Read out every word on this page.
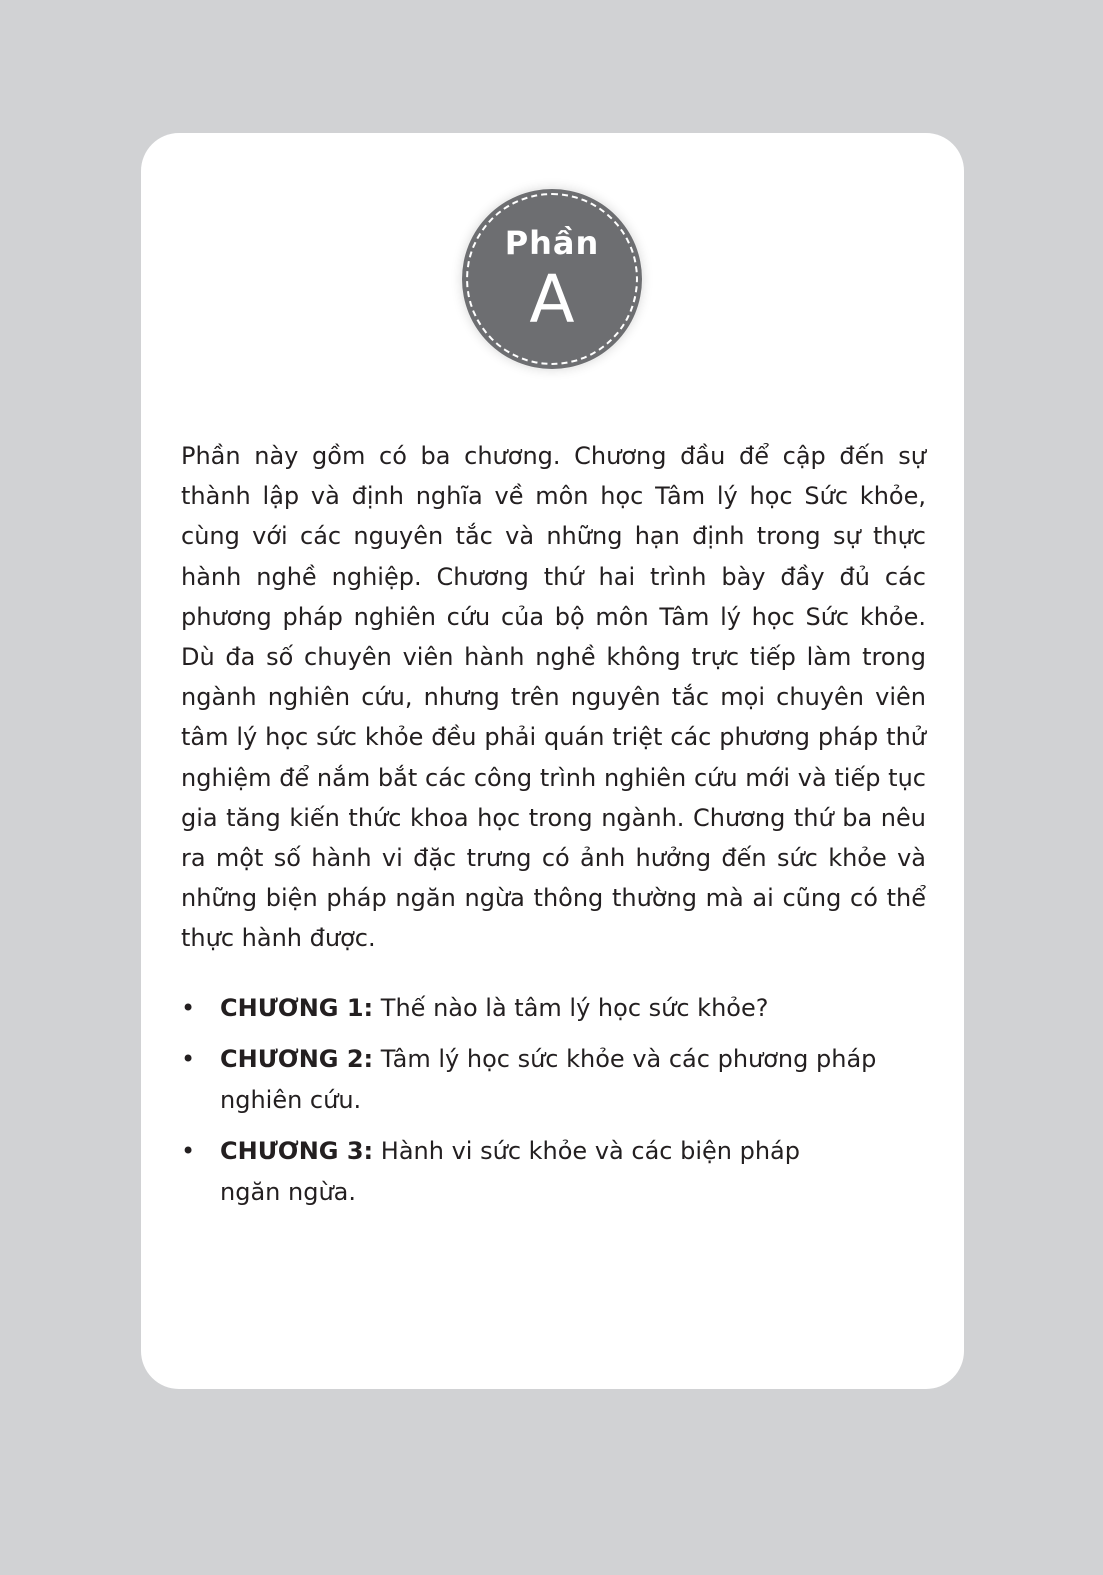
Phần
A

Phần này gồm có ba chương. Chương đầu để cập đến sự thành lập và định nghĩa về môn học Tâm lý học Sức khỏe, cùng với các nguyên tắc và những hạn định trong sự thực hành nghề nghiệp. Chương thứ hai trình bày đầy đủ các phương pháp nghiên cứu của bộ môn Tâm lý học Sức khỏe. Dù đa số chuyên viên hành nghề không trực tiếp làm trong ngành nghiên cứu, nhưng trên nguyên tắc mọi chuyên viên tâm lý học sức khỏe đều phải quán triệt các phương pháp thử nghiệm để nắm bắt các công trình nghiên cứu mới và tiếp tục gia tăng kiến thức khoa học trong ngành. Chương thứ ba nêu ra một số hành vi đặc trưng có ảnh hưởng đến sức khỏe và những biện pháp ngăn ngừa thông thường mà ai cũng có thể thực hành được.

• CHƯƠNG 1: Thế nào là tâm lý học sức khỏe?
• CHƯƠNG 2: Tâm lý học sức khỏe và các phương pháp nghiên cứu.
• CHƯƠNG 3: Hành vi sức khỏe và các biện pháp ngăn ngừa.
